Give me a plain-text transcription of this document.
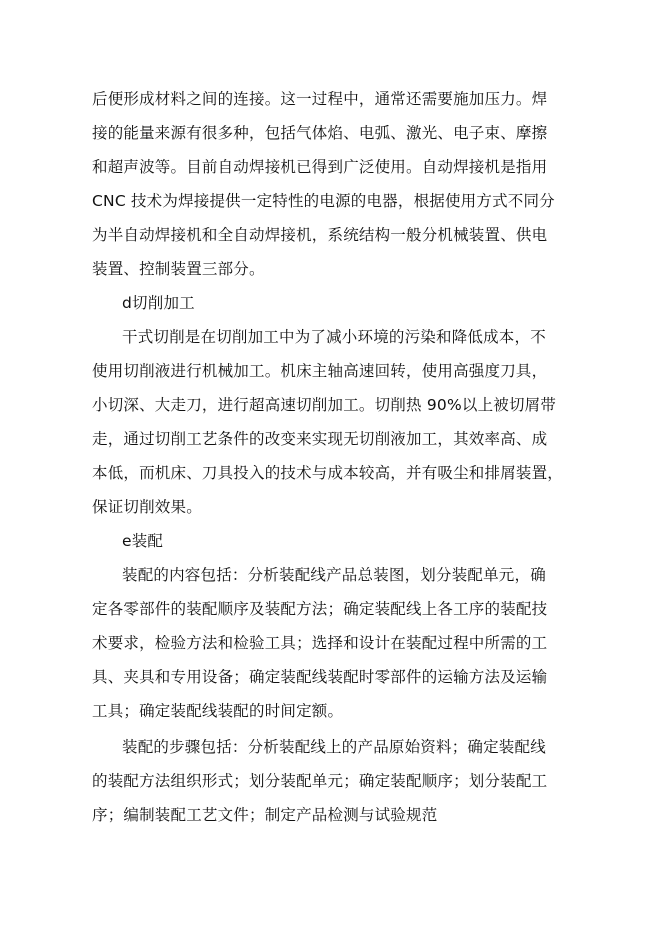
后便形成材料之间的连接。这一过程中，通常还需要施加压力。焊
接的能量来源有很多种，包括气体焰、电弧、激光、电子束、摩擦
和超声波等。目前自动焊接机已得到广泛使用。自动焊接机是指用
CNC 技术为焊接提供一定特性的电源的电器，根据使用方式不同分
为半自动焊接机和全自动焊接机，系统结构一般分机械装置、供电
装置、控制装置三部分。
d切削加工
干式切削是在切削加工中为了减小环境的污染和降低成本，不
使用切削液进行机械加工。机床主轴高速回转，使用高强度刀具，
小切深、大走刀，进行超高速切削加工。切削热 90%以上被切屑带
走，通过切削工艺条件的改变来实现无切削液加工，其效率高、成
本低，而机床、刀具投入的技术与成本较高，并有吸尘和排屑装置，
保证切削效果。
e装配
装配的内容包括：分析装配线产品总装图，划分装配单元，确
定各零部件的装配顺序及装配方法；确定装配线上各工序的装配技
术要求，检验方法和检验工具；选择和设计在装配过程中所需的工
具、夹具和专用设备；确定装配线装配时零部件的运输方法及运输
工具；确定装配线装配的时间定额。
装配的步骤包括：分析装配线上的产品原始资料；确定装配线
的装配方法组织形式；划分装配单元；确定装配顺序；划分装配工
序；编制装配工艺文件；制定产品检测与试验规范
